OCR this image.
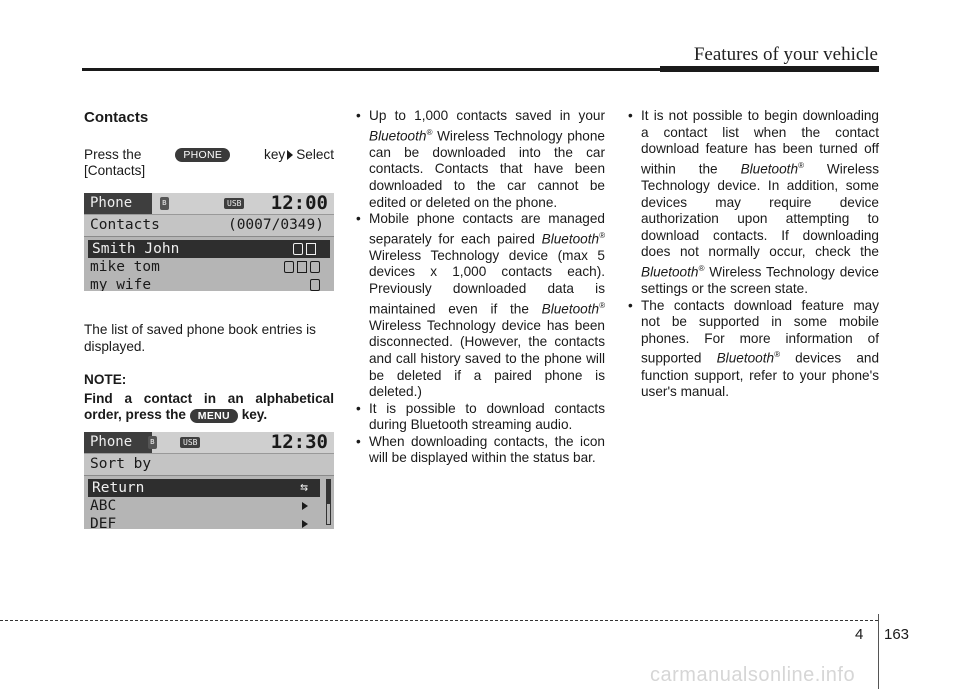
Features of your vehicle
Contacts
Press the	PHONE	key Select

[Contacts]

Phone	ʙ	USB 12:00
Contacts	(0007/0349)
Smith John
mike tom
my wife

The list of saved phone book entries is displayed.

NOTE:

Find a contact in an alphabetical

order, press the MENU key.

Phone	ʙ	USB	12:30
Sort by
Return	⇆
ABC
DEF
• Up to 1,000 contacts saved in your Bluetooth® Wireless Technology phone can be downloaded into the car contacts. Contacts that have been downloaded to the car cannot be edited or deleted on the phone.
• Mobile phone contacts are managed separately for each paired Bluetooth® Wireless Technology device (max 5 devices x 1,000 contacts each). Previously downloaded data is maintained even if the Bluetooth® Wireless Technology device has been disconnected. (However, the contacts and call history saved to the phone will be deleted if a paired phone is deleted.)
• It is possible to download contacts during Bluetooth streaming audio.
• When downloading contacts, the icon will be displayed within the status bar.
• It is not possible to begin downloading a contact list when the contact download feature has been turned off within the Bluetooth® Wireless Technology device. In addition, some devices may require device authorization upon attempting to download contacts. If downloading does not normally occur, check the Bluetooth® Wireless Technology device settings or the screen state.
• The contacts download feature may not be supported in some mobile phones. For more information of supported Bluetooth® devices and function support, refer to your phone's user's manual.
4 163
carmanualsonline.info
